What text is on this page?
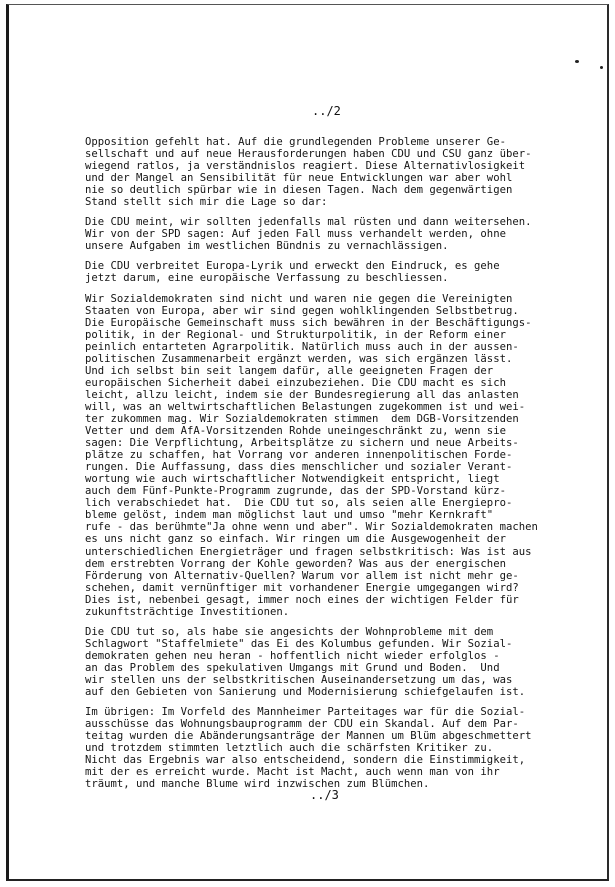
../2
Opposition gefehlt hat. Auf die grundlegenden Probleme unserer Ge-
sellschaft und auf neue Herausforderungen haben CDU und CSU ganz über-
wiegend ratlos, ja verständnislos reagiert. Diese Alternativlosigkeit
und der Mangel an Sensibilität für neue Entwicklungen war aber wohl
nie so deutlich spürbar wie in diesen Tagen. Nach dem gegenwärtigen
Stand stellt sich mir die Lage so dar:
Die CDU meint, wir sollten jedenfalls mal rüsten und dann weitersehen.
Wir von der SPD sagen: Auf jeden Fall muss verhandelt werden, ohne
unsere Aufgaben im westlichen Bündnis zu vernachlässigen.
Die CDU verbreitet Europa-Lyrik und erweckt den Eindruck, es gehe
jetzt darum, eine europäische Verfassung zu beschliessen.
Wir Sozialdemokraten sind nicht und waren nie gegen die Vereinigten
Staaten von Europa, aber wir sind gegen wohlklingenden Selbstbetrug.
Die Europäische Gemeinschaft muss sich bewähren in der Beschäftigungs-
politik, in der Regional- und Strukturpolitik, in der Reform einer
peinlich entarteten Agrarpolitik. Natürlich muss auch in der aussen-
politischen Zusammenarbeit ergänzt werden, was sich ergänzen lässt.
Und ich selbst bin seit langem dafür, alle geeigneten Fragen der
europäischen Sicherheit dabei einzubeziehen. Die CDU macht es sich
leicht, allzu leicht, indem sie der Bundesregierung all das anlasten
will, was an weltwirtschaftlichen Belastungen zugekommen ist und wei-
ter zukommen mag. Wir Sozialdemokraten stimmen  dem DGB-Vorsitzenden
Vetter und dem AfA-Vorsitzenden Rohde uneingeschränkt zu, wenn sie
sagen: Die Verpflichtung, Arbeitsplätze zu sichern und neue Arbeits-
plätze zu schaffen, hat Vorrang vor anderen innenpolitischen Forde-
rungen. Die Auffassung, dass dies menschlicher und sozialer Verant-
wortung wie auch wirtschaftlicher Notwendigkeit entspricht, liegt
auch dem Fünf-Punkte-Programm zugrunde, das der SPD-Vorstand kürz-
lich verabschiedet hat.  Die CDU tut so, als seien alle Energiepro-
bleme gelöst, indem man möglichst laut und umso "mehr Kernkraft"
rufe - das berühmte"Ja ohne wenn und aber". Wir Sozialdemokraten machen
es uns nicht ganz so einfach. Wir ringen um die Ausgewogenheit der
unterschiedlichen Energieträger und fragen selbstkritisch: Was ist aus
dem erstrebten Vorrang der Kohle geworden? Was aus der energischen
Förderung von Alternativ-Quellen? Warum vor allem ist nicht mehr ge-
schehen, damit vernünftiger mit vorhandener Energie umgegangen wird?
Dies ist, nebenbei gesagt, immer noch eines der wichtigen Felder für
zukunftsträchtige Investitionen.
Die CDU tut so, als habe sie angesichts der Wohnprobleme mit dem
Schlagwort "Staffelmiete" das Ei des Kolumbus gefunden. Wir Sozial-
demokraten gehen neu heran - hoffentlich nicht wieder erfolglos -
an das Problem des spekulativen Umgangs mit Grund und Boden.  Und
wir stellen uns der selbstkritischen Auseinandersetzung um das, was
auf den Gebieten von Sanierung und Modernisierung schiefgelaufen ist.
Im übrigen: Im Vorfeld des Mannheimer Parteitages war für die Sozial-
ausschüsse das Wohnungsbauprogramm der CDU ein Skandal. Auf dem Par-
teitag wurden die Abänderungsanträge der Mannen um Blüm abgeschmettert
und trotzdem stimmten letztlich auch die schärfsten Kritiker zu.
Nicht das Ergebnis war also entscheidend, sondern die Einstimmigkeit,
mit der es erreicht wurde. Macht ist Macht, auch wenn man von ihr
träumt, und manche Blume wird inzwischen zum Blümchen.
../3
